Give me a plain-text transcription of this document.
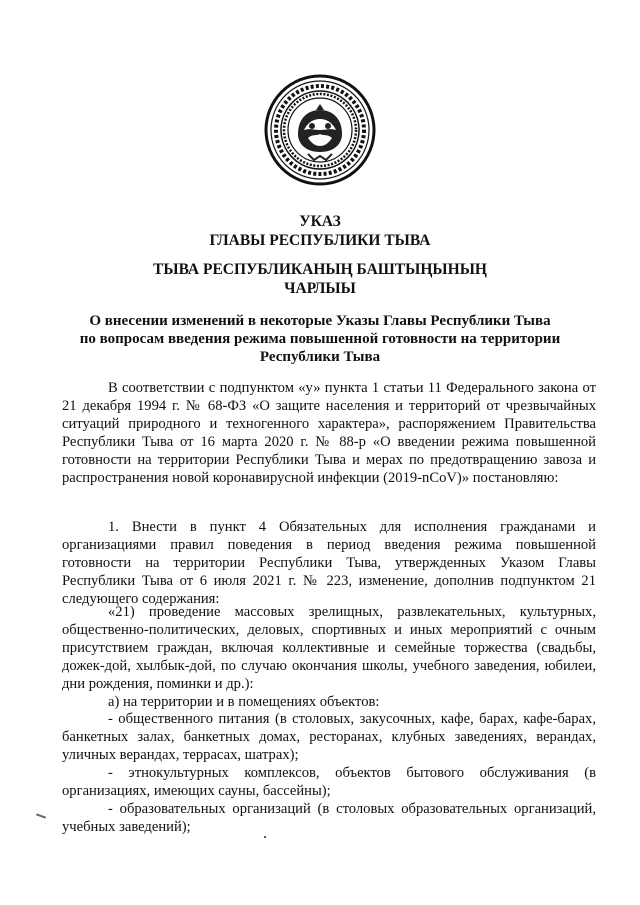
УКАЗ
ГЛАВЫ РЕСПУБЛИКИ ТЫВА
ТЫВА РЕСПУБЛИКАНЫҢ БАШТЫҢЫНЫҢ
ЧАРЛЫЫ
О внесении изменений в некоторые Указы Главы Республики Тыва
по вопросам введения режима повышенной готовности на территории
Республики Тыва

В соответствии с подпунктом «у» пункта 1 статьи 11 Федерального закона от 21 декабря 1994 г. № 68-ФЗ «О защите населения и территорий от чрезвычайных ситуаций природного и техногенного характера», распоряжением Правительства Республики Тыва от 16 марта 2020 г. № 88-р «О введении режима повышенной готовности на территории Республики Тыва и мерах по предотвращению завоза и распространения новой коронавирусной инфекции (2019-nCoV)» постановляю:

1. Внести в пункт 4 Обязательных для исполнения гражданами и организациями правил поведения в период введения режима повышенной готовности на территории Республики Тыва, утвержденных Указом Главы Республики Тыва от 6 июля 2021 г. № 223, изменение, дополнив подпунктом 21 следующего содержания:

«21) проведение массовых зрелищных, развлекательных, культурных, общественно-политических, деловых, спортивных и иных мероприятий с очным присутствием граждан, включая коллективные и семейные торжества (свадьбы, дожек-дой, хылбык-дой, по случаю окончания школы, учебного заведения, юбилеи, дни рождения, поминки и др.):

а) на территории и в помещениях объектов:

- общественного питания (в столовых, закусочных, кафе, барах, кафе-барах, банкетных залах, банкетных домах, ресторанах, клубных заведениях, верандах, уличных верандах, террасах, шатрах);

- этнокультурных комплексов, объектов бытового обслуживания (в организациях, имеющих сауны, бассейны);

- образовательных организаций (в столовых образовательных организаций, учебных заведений);
